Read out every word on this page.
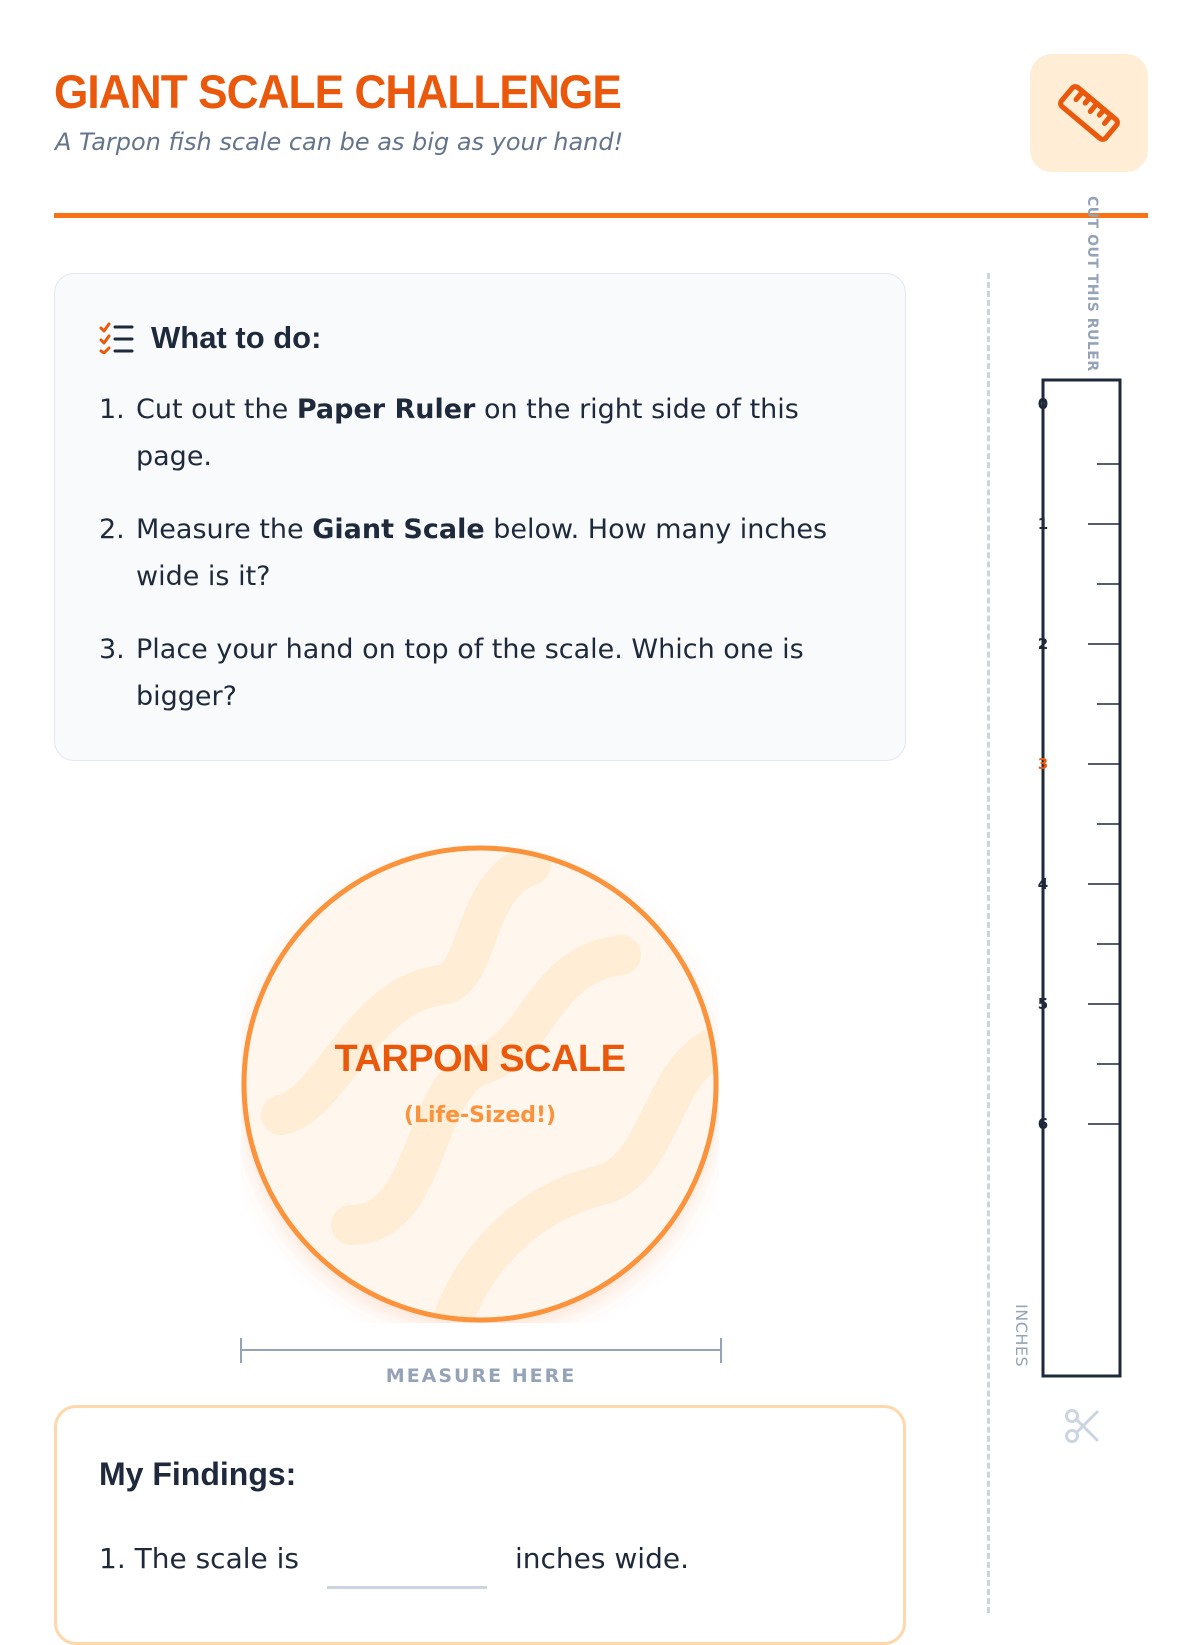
GIANT SCALE CHALLENGE

A Tarpon fish scale can be as big as your hand!

What to do:
1. Cut out the Paper Ruler on the right side of this page.
2. Measure the Giant Scale below. How many inches wide is it?
3. Place your hand on top of the scale. Which one is bigger?
TARPON SCALE
(Life-Sized!)
MEASURE HERE
My Findings:
1. The scale is	inches wide.
CUT OUT THIS RULER
0
1
2
3
4
5
6
INCHES
